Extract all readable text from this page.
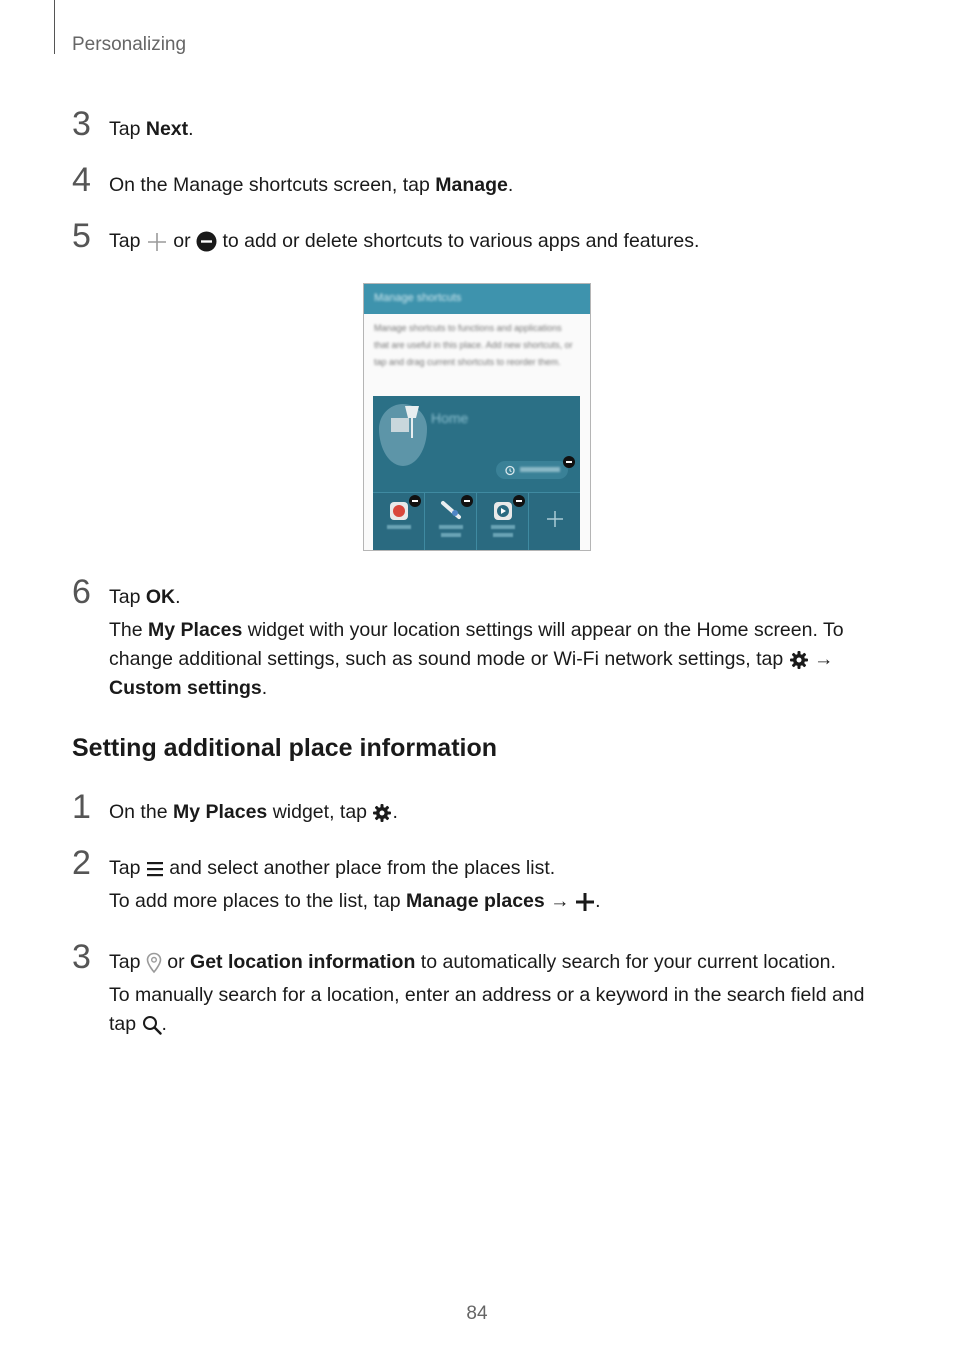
Personalizing
3 Tap Next.
4 On the Manage shortcuts screen, tap Manage.
5 Tap
or
to add or delete shortcuts to various apps and features.
Manage shortcuts
Manage shortcuts to functions and applications that are useful in this place. Add new shortcuts, or tap and drag current shortcuts to reorder them.
Home
6 Tap OK.
The My Places widget with your location settings will appear on the Home screen. To change additional settings, such as sound mode or Wi-Fi network settings, tap
→ Custom settings.
Setting additional place information
1 On the My Places widget, tap
.
2 Tap
and select another place from the places list.
To add more places to the list, tap Manage places →
.
3 Tap
or Get location information to automatically search for your current location.
To manually search for a location, enter an address or a keyword in the search field and tap
.
84
